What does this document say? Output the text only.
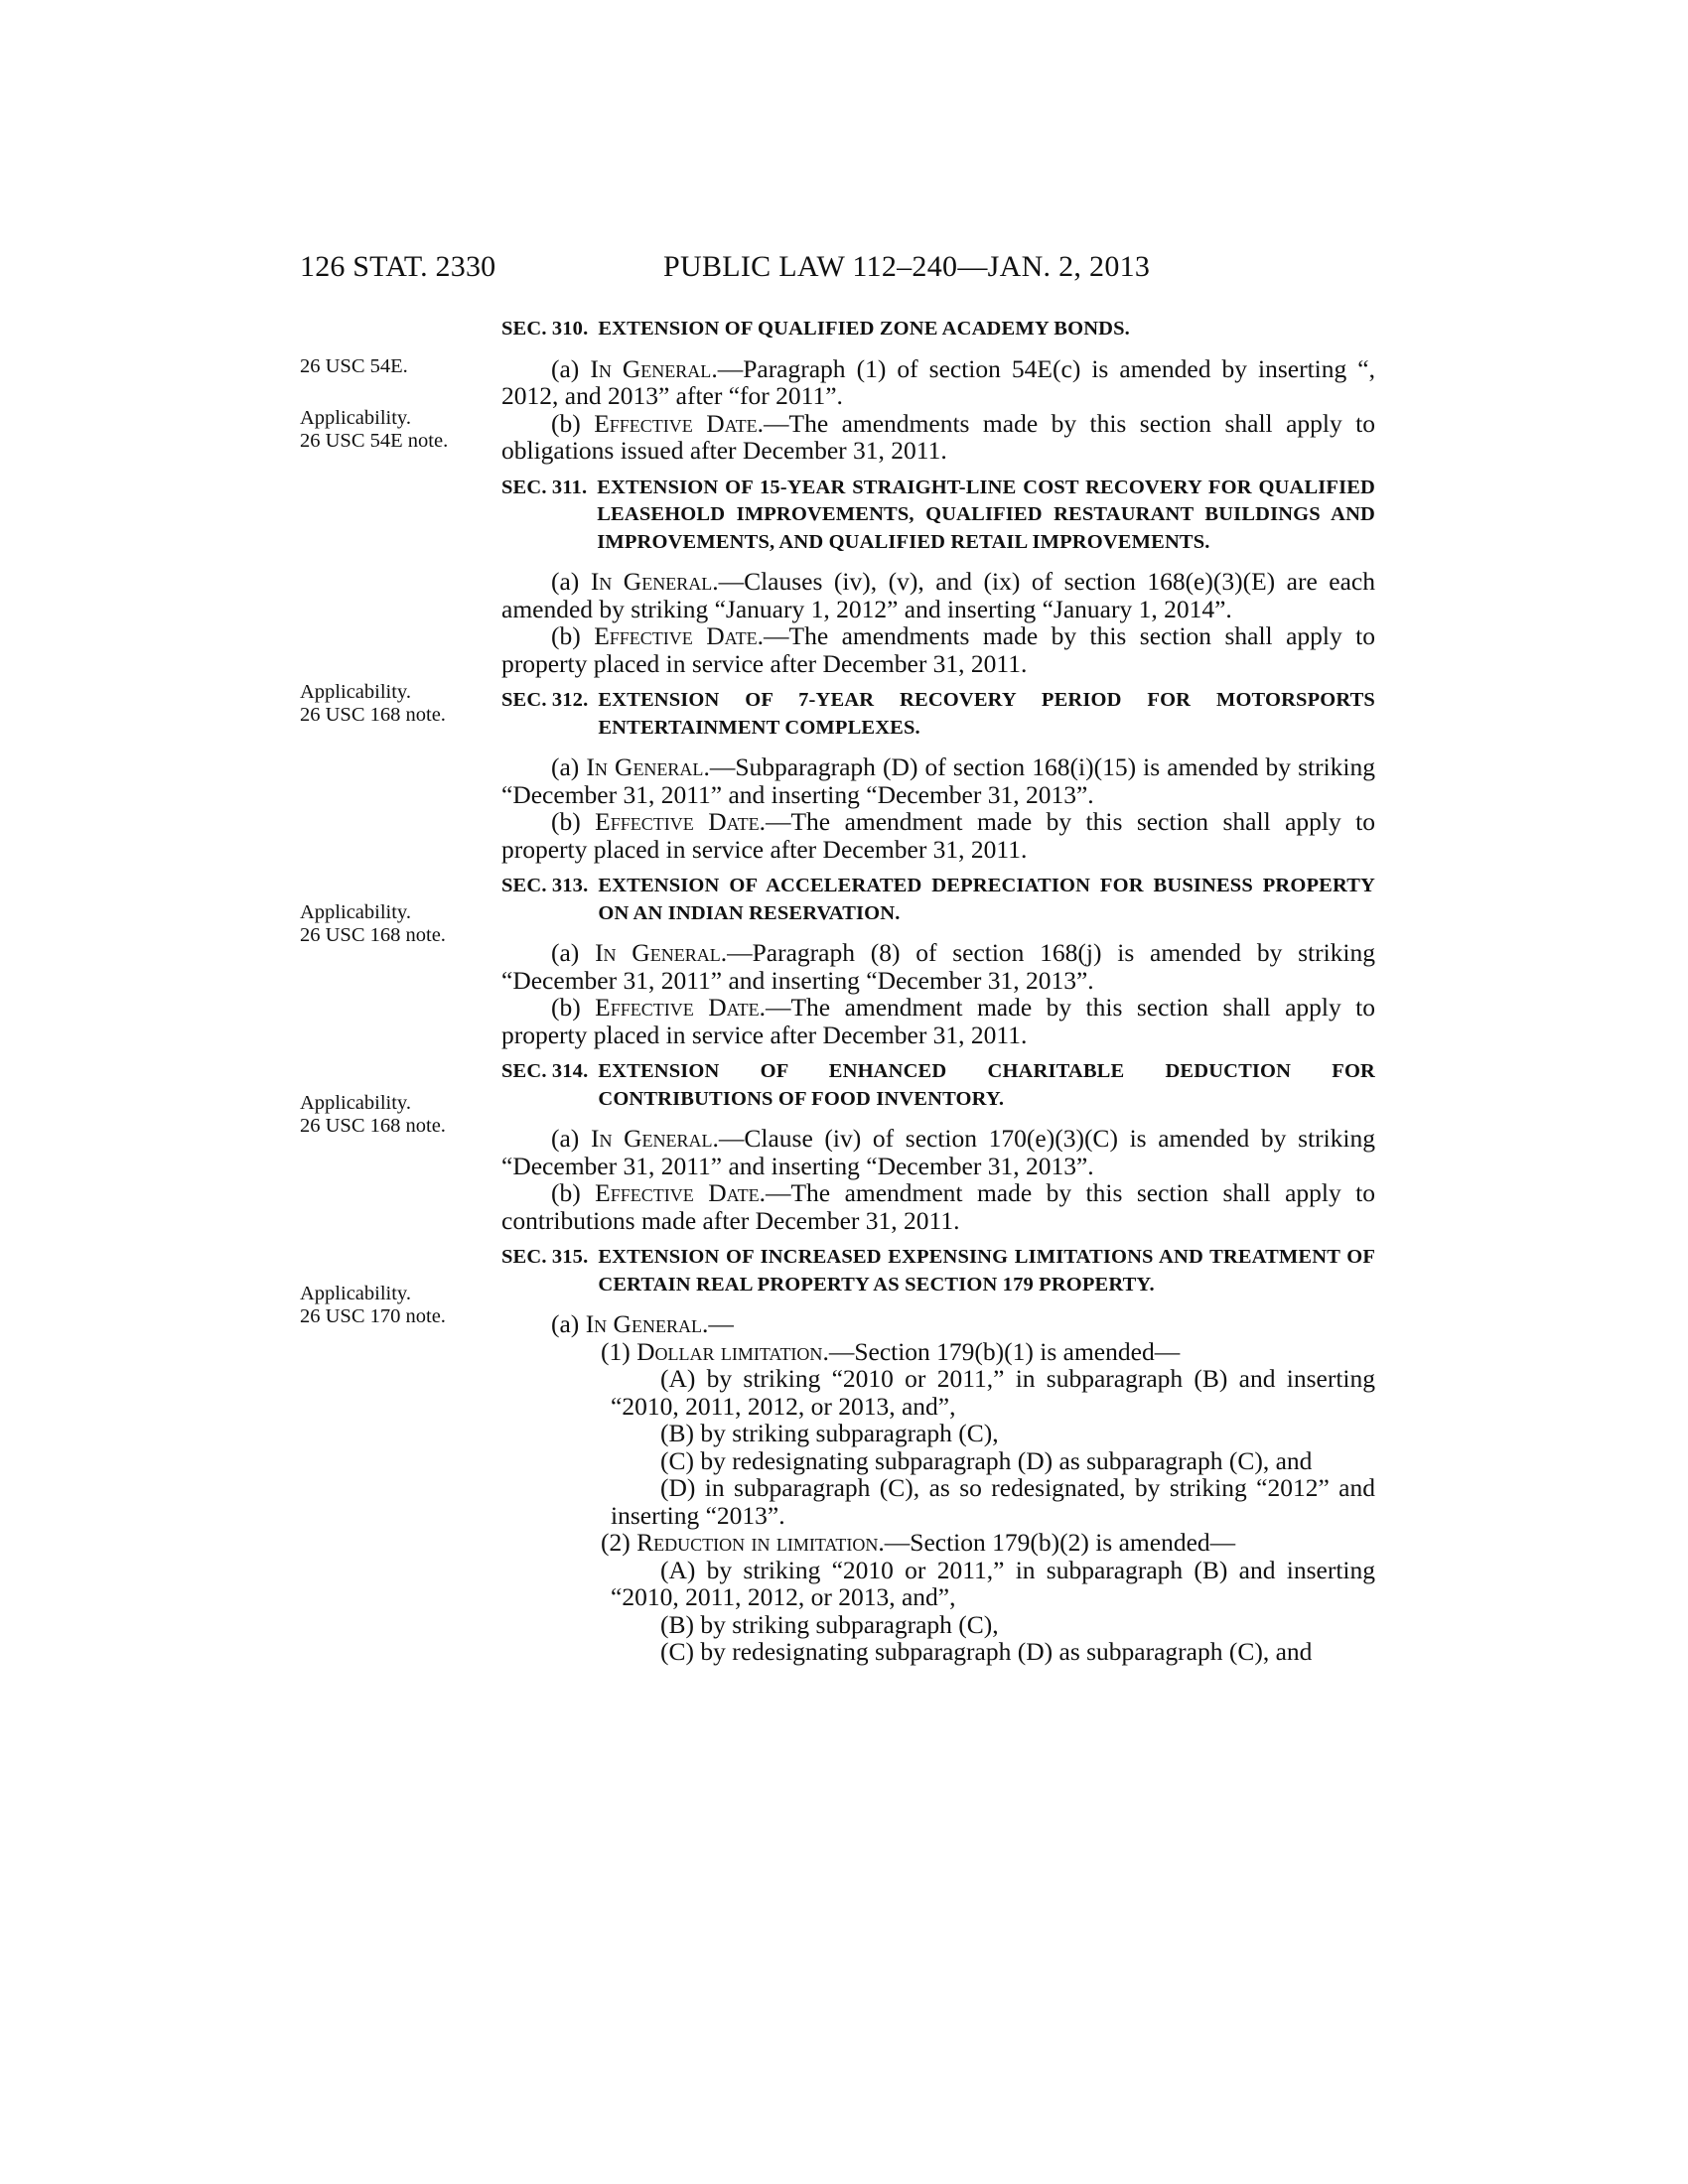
126 STAT. 2330	PUBLIC LAW 112–240—JAN. 2, 2013
26 USC 54E.
Applicability.
26 USC 54E note.
Applicability.
26 USC 168 note.
Applicability.
26 USC 168 note.
Applicability.
26 USC 168 note.
Applicability.
26 USC 170 note.
SEC. 310. EXTENSION OF QUALIFIED ZONE ACADEMY BONDS.

(a) In General.—Paragraph (1) of section 54E(c) is amended by inserting “, 2012, and 2013” after “for 2011”.

(b) Effective Date.—The amendments made by this section shall apply to obligations issued after December 31, 2011.

SEC. 311. EXTENSION OF 15-YEAR STRAIGHT-LINE COST RECOVERY FOR QUALIFIED LEASEHOLD IMPROVEMENTS, QUALIFIED RESTAURANT BUILDINGS AND IMPROVEMENTS, AND QUALIFIED RETAIL IMPROVEMENTS.

(a) In General.—Clauses (iv), (v), and (ix) of section 168(e)(3)(E) are each amended by striking “January 1, 2012” and inserting “January 1, 2014”.

(b) Effective Date.—The amendments made by this section shall apply to property placed in service after December 31, 2011.

SEC. 312. EXTENSION OF 7-YEAR RECOVERY PERIOD FOR MOTORSPORTS ENTERTAINMENT COMPLEXES.

(a) In General.—Subparagraph (D) of section 168(i)(15) is amended by striking “December 31, 2011” and inserting “December 31, 2013”.

(b) Effective Date.—The amendment made by this section shall apply to property placed in service after December 31, 2011.

SEC. 313. EXTENSION OF ACCELERATED DEPRECIATION FOR BUSINESS PROPERTY ON AN INDIAN RESERVATION.

(a) In General.—Paragraph (8) of section 168(j) is amended by striking “December 31, 2011” and inserting “December 31, 2013”.

(b) Effective Date.—The amendment made by this section shall apply to property placed in service after December 31, 2011.

SEC. 314. EXTENSION OF ENHANCED CHARITABLE DEDUCTION FOR CONTRIBUTIONS OF FOOD INVENTORY.

(a) In General.—Clause (iv) of section 170(e)(3)(C) is amended by striking “December 31, 2011” and inserting “December 31, 2013”.

(b) Effective Date.—The amendment made by this section shall apply to contributions made after December 31, 2011.

SEC. 315. EXTENSION OF INCREASED EXPENSING LIMITATIONS AND TREATMENT OF CERTAIN REAL PROPERTY AS SECTION 179 PROPERTY.

(a) In General.—

(1) Dollar limitation.—Section 179(b)(1) is amended—

(A) by striking “2010 or 2011,” in subparagraph (B) and inserting “2010, 2011, 2012, or 2013, and”,

(B) by striking subparagraph (C),

(C) by redesignating subparagraph (D) as subparagraph (C), and

(D) in subparagraph (C), as so redesignated, by striking “2012” and inserting “2013”.

(2) Reduction in limitation.—Section 179(b)(2) is amended—

(A) by striking “2010 or 2011,” in subparagraph (B) and inserting “2010, 2011, 2012, or 2013, and”,

(B) by striking subparagraph (C),

(C) by redesignating subparagraph (D) as subparagraph (C), and
